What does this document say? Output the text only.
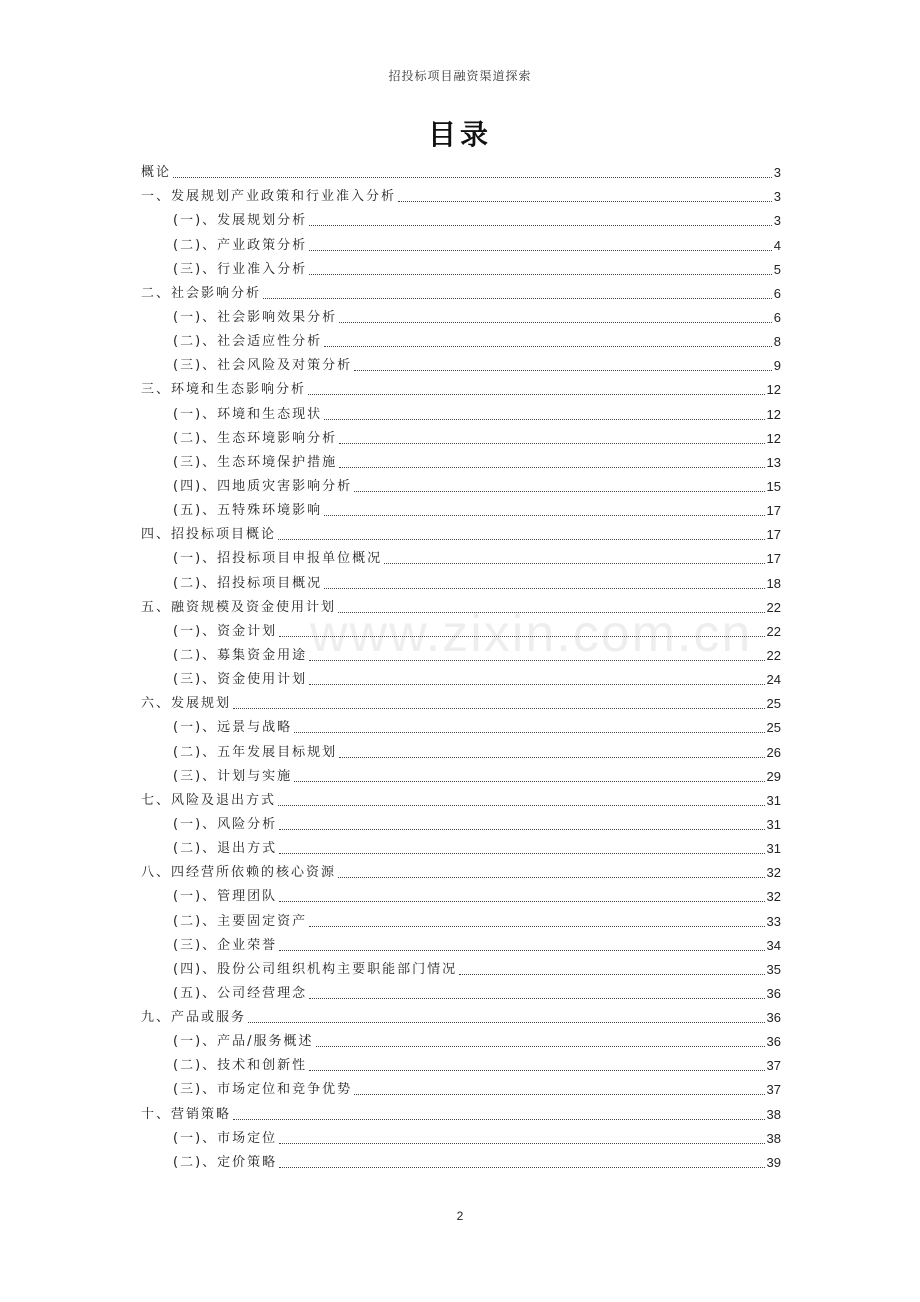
招投标项目融资渠道探索
目录
www.zixin.com.cn
概论	3
一、发展规划产业政策和行业准入分析	3
(一)、发展规划分析	3
(二)、产业政策分析	4
(三)、行业准入分析	5
二、社会影响分析	6
(一)、社会影响效果分析	6
(二)、社会适应性分析	8
(三)、社会风险及对策分析	9
三、环境和生态影响分析	12
(一)、环境和生态现状	12
(二)、生态环境影响分析	12
(三)、生态环境保护措施	13
(四)、四地质灾害影响分析	15
(五)、五特殊环境影响	17
四、招投标项目概论	17
(一)、招投标项目申报单位概况	17
(二)、招投标项目概况	18
五、融资规模及资金使用计划	22
(一)、资金计划	22
(二)、募集资金用途	22
(三)、资金使用计划	24
六、发展规划	25
(一)、远景与战略	25
(二)、五年发展目标规划	26
(三)、计划与实施	29
七、风险及退出方式	31
(一)、风险分析	31
(二)、退出方式	31
八、四经营所依赖的核心资源	32
(一)、管理团队	32
(二)、主要固定资产	33
(三)、企业荣誉	34
(四)、股份公司组织机构主要职能部门情况	35
(五)、公司经营理念	36
九、产品或服务	36
(一)、产品/服务概述	36
(二)、技术和创新性	37
(三)、市场定位和竞争优势	37
十、营销策略	38
(一)、市场定位	38
(二)、定价策略	39
2
